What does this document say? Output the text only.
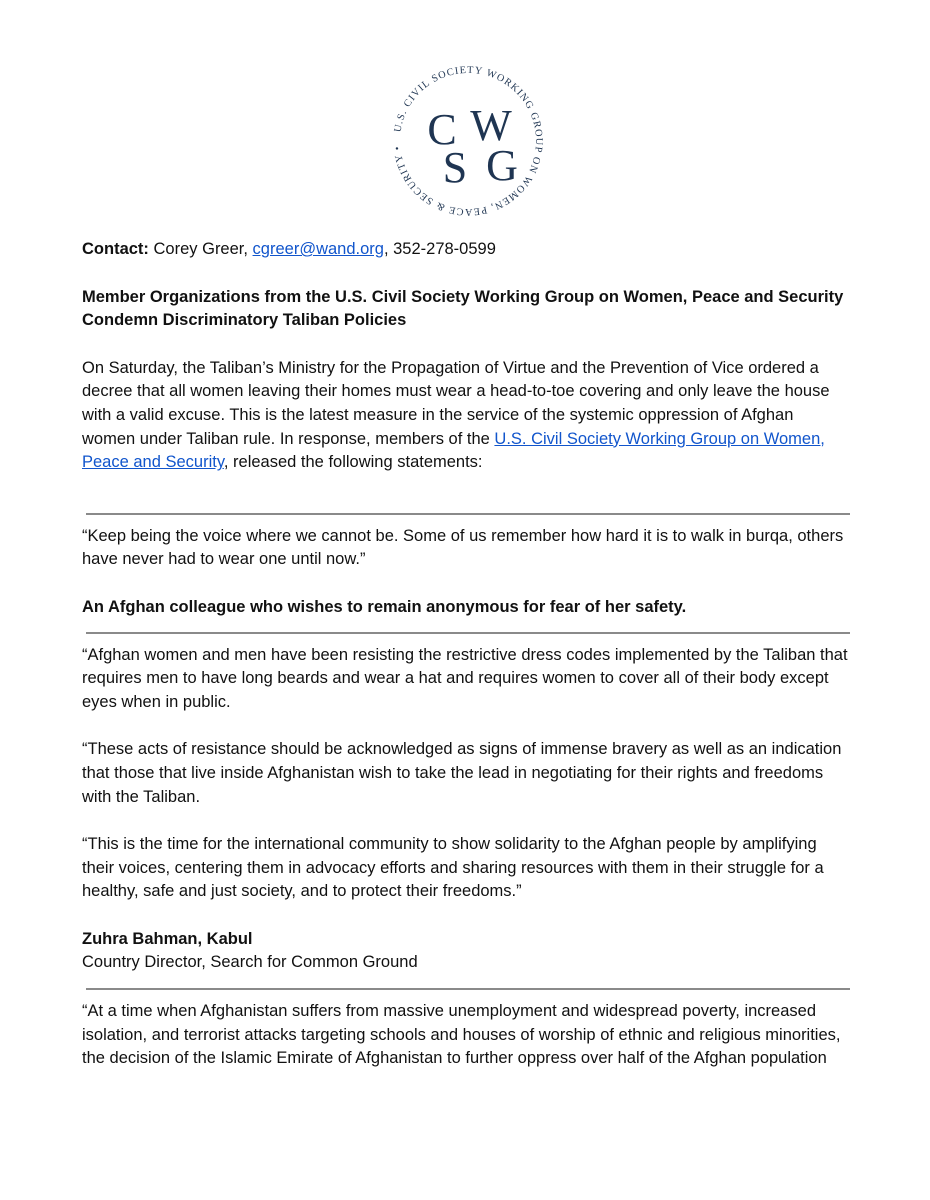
U.S. CIVIL SOCIETY WORKING GROUP ON WOMEN, PEACE & SECURITY • C W
S G

Contact: Corey Greer, cgreer@wand.org, 352-278-0599

Member Organizations from the U.S. Civil Society Working Group on Women, Peace and Security Condemn Discriminatory Taliban Policies

On Saturday, the Taliban’s Ministry for the Propagation of Virtue and the Prevention of Vice ordered a decree that all women leaving their homes must wear a head-to-toe covering and only leave the house with a valid excuse. This is the latest measure in the service of the systemic oppression of Afghan women under Taliban rule. In response, members of the U.S. Civil Society Working Group on Women, Peace and Security, released the following statements:

“Keep being the voice where we cannot be. Some of us remember how hard it is to walk in burqa, others have never had to wear one until now.”

An Afghan colleague who wishes to remain anonymous for fear of her safety.

“Afghan women and men have been resisting the restrictive dress codes implemented by the Taliban that requires men to have long beards and wear a hat and requires women to cover all of their body except eyes when in public.

“These acts of resistance should be acknowledged as signs of immense bravery as well as an indication that those that live inside Afghanistan wish to take the lead in negotiating for their rights and freedoms with the Taliban.

“This is the time for the international community to show solidarity to the Afghan people by amplifying their voices, centering them in advocacy efforts and sharing resources with them in their struggle for a healthy, safe and just society, and to protect their freedoms.”

Zuhra Bahman, Kabul

Country Director, Search for Common Ground

“At a time when Afghanistan suffers from massive unemployment and widespread poverty, increased isolation, and terrorist attacks targeting schools and houses of worship of ethnic and religious minorities, the decision of the Islamic Emirate of Afghanistan to further oppress over half of the Afghan population
